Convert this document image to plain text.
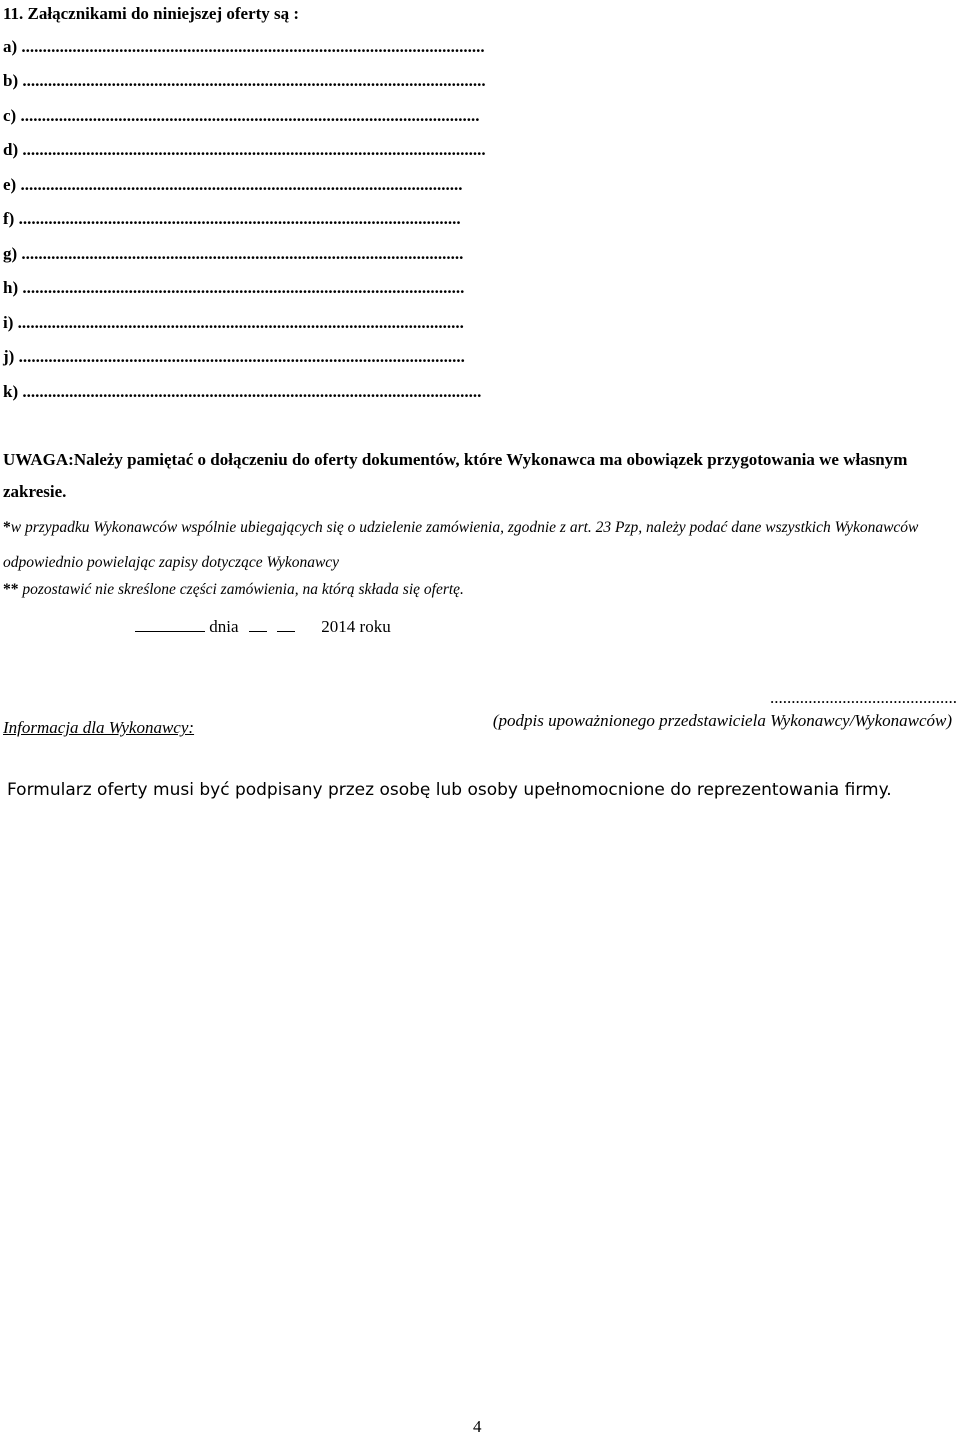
11. Załącznikami do niniejszej oferty są :
a) .............................................................................................................
b) .............................................................................................................
c) ............................................................................................................
d) .............................................................................................................
e) ........................................................................................................
f) ........................................................................................................
g) ........................................................................................................
h) ........................................................................................................
i) .........................................................................................................
j) .........................................................................................................
k) ............................................................................................................
UWAGA:Należy pamiętać o dołączeniu do oferty dokumentów, które Wykonawca ma obowiązek przygotowania we własnym zakresie.
*w przypadku Wykonawców wspólnie ubiegających się o udzielenie zamówienia, zgodnie z art. 23 Pzp, należy podać dane wszystkich Wykonawców odpowiednio powielając zapisy dotyczące Wykonawcy
** pozostawić nie skreślone części zamówienia, na którą składa się ofertę.
dnia	2014 roku
............................................
(podpis upoważnionego przedstawiciela Wykonawcy/Wykonawców)
Informacja dla Wykonawcy:
Formularz oferty musi być podpisany przez osobę lub osoby upełnomocnione do reprezentowania firmy.
4
